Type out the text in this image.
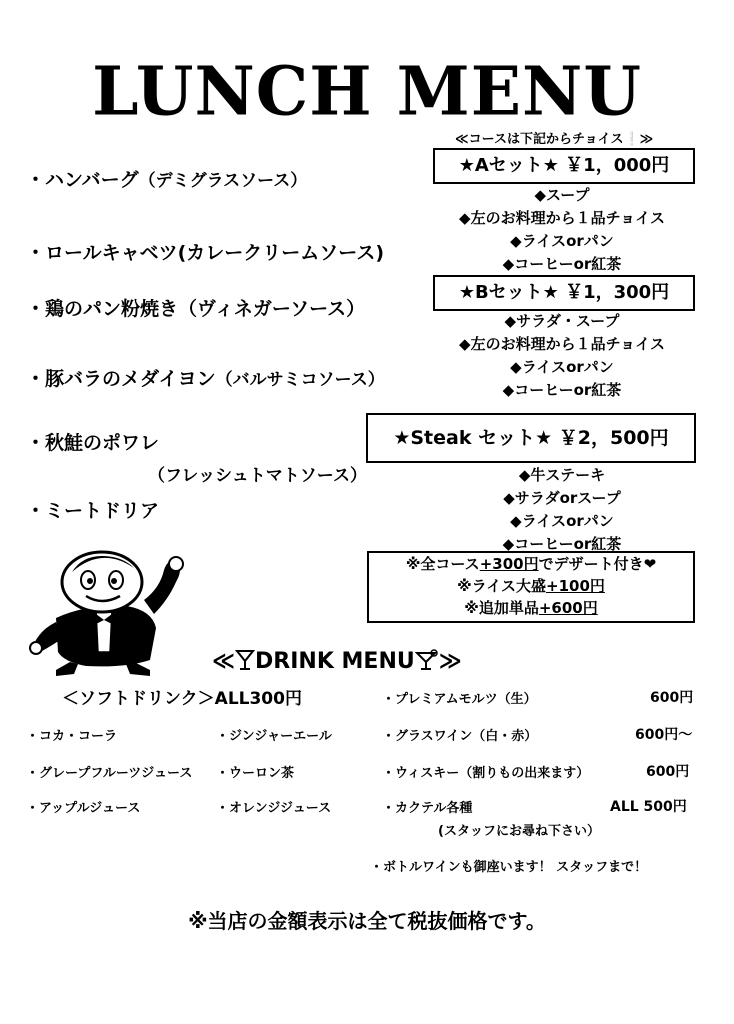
LUNCH MENU
・ハンバーグ（デミグラスソース）
・ロールキャベツ(カレークリームソース)
・鶏のパン粉焼き（ヴィネガーソース）
・豚バラのメダイヨン（バルサミコソース）
・秋鮭のポワレ
（フレッシュトマトソース）
・ミートドリア
≪コースは下記からチョイス❕≫
★Aセット★ ￥1，000円
◆スープ
◆左のお料理から１品チョイス
◆ライスorパン
◆コーヒーor紅茶
★Bセット★ ￥1，300円
◆サラダ・スープ
◆左のお料理から１品チョイス
◆ライスorパン
◆コーヒーor紅茶
★Steak セット★ ￥2，500円
◆牛ステーキ
◆サラダorスープ
◆ライスorパン
◆コーヒーor紅茶
※全コース+300円でデザート付き❤
※ライス大盛+100円
※追加単品+600円
≪ DRINK MENU ≫
＜ソフトドリンク＞ALL300円
・コカ・コーラ	・ジンジャーエール
・グレープフルーツジュース ・ウーロン茶
・アップルジュース	・オレンジジュース
・プレミアムモルツ（生）	600円
・グラスワイン（白・赤）	600円～
・ウィスキー（割りもの出来ます）	600円
・カクテル各種	ALL 500円
(スタッフにお尋ね下さい）
・ボトルワインも御座います！ スタッフまで！
※当店の金額表示は全て税抜価格です。
